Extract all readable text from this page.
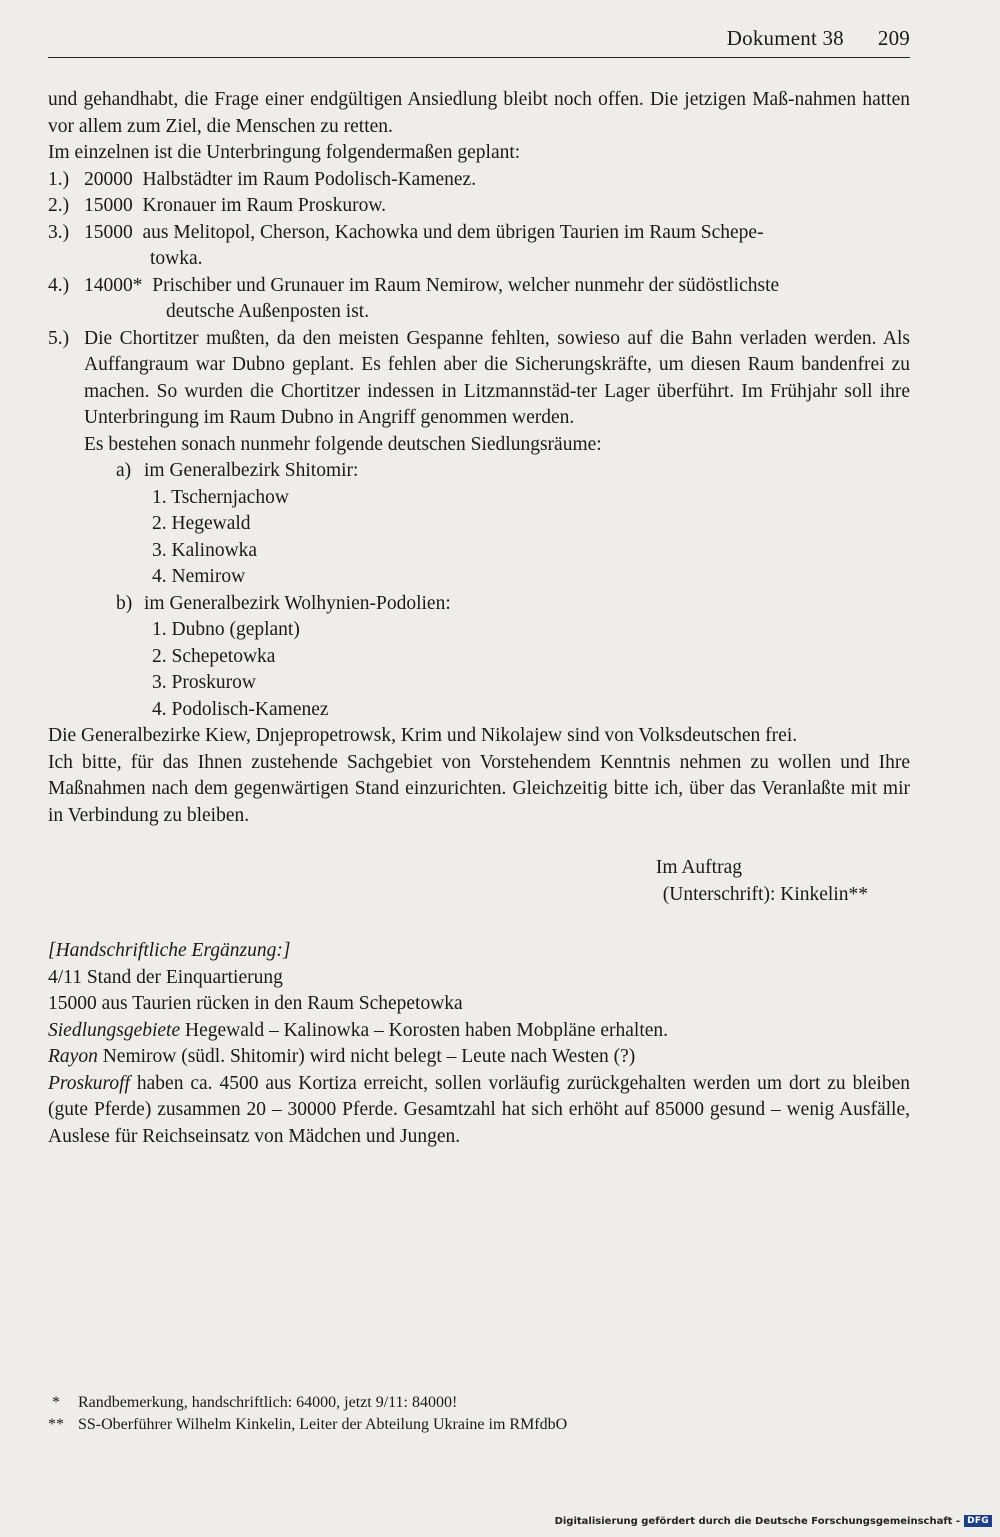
Dokument 38 209

und gehandhabt, die Frage einer endgültigen Ansiedlung bleibt noch offen. Die jetzigen Maß-nahmen hatten vor allem zum Ziel, die Menschen zu retten.

Im einzelnen ist die Unterbringung folgendermaßen geplant:

1.) 20000  Halbstädter im Raum Podolisch-Kamenez.
2.) 15000  Kronauer im Raum Proskurow.
3.) 15000  aus Melitopol, Cherson, Kachowka und dem übrigen Taurien im Raum Schepe-
towka.
4.) 14000*  Prischiber und Grunauer im Raum Nemirow, welcher nunmehr der südöstlichste
deutsche Außenposten ist.
5.) Die Chortitzer mußten, da den meisten Gespanne fehlten, sowieso auf die Bahn verladen werden. Als Auffangraum war Dubno geplant. Es fehlen aber die Sicherungskräfte, um diesen Raum bandenfrei zu machen. So wurden die Chortitzer indessen in Litzmannstäd-ter Lager überführt. Im Frühjahr soll ihre Unterbringung im Raum Dubno in Angriff genommen werden.
Es bestehen sonach nunmehr folgende deutschen Siedlungsräume:
a) im Generalbezirk Shitomir:
1. Tschernjachow
2. Hegewald
3. Kalinowka
4. Nemirow
b) im Generalbezirk Wolhynien-Podolien:
1. Dubno (geplant)
2. Schepetowka
3. Proskurow
4. Podolisch-Kamenez

Die Generalbezirke Kiew, Dnjepropetrowsk, Krim und Nikolajew sind von Volksdeutschen frei.

Ich bitte, für das Ihnen zustehende Sachgebiet von Vorstehendem Kenntnis nehmen zu wollen und Ihre Maßnahmen nach dem gegenwärtigen Stand einzurichten. Gleichzeitig bitte ich, über das Veranlaßte mit mir in Verbindung zu bleiben.

Im Auftrag
(Unterschrift): Kinkelin**
[Handschriftliche Ergänzung:]
4/11 Stand der Einquartierung
15000 aus Taurien rücken in den Raum Schepetowka
Siedlungsgebiete Hegewald – Kalinowka – Korosten haben Mobpläne erhalten.
Rayon Nemirow (südl. Shitomir) wird nicht belegt – Leute nach Westen (?)
Proskuroff haben ca. 4500 aus Kortiza erreicht, sollen vorläufig zurückgehalten werden um dort zu bleiben (gute Pferde) zusammen 20 – 30000 Pferde. Gesamtzahl hat sich erhöht auf 85000 gesund – wenig Ausfälle, Auslese für Reichseinsatz von Mädchen und Jungen.
* Randbemerkung, handschriftlich: 64000, jetzt 9/11: 84000!
** SS-Oberführer Wilhelm Kinkelin, Leiter der Abteilung Ukraine im RMfdbO
Digitalisierung gefördert durch die Deutsche Forschungsgemeinschaft - DFG
